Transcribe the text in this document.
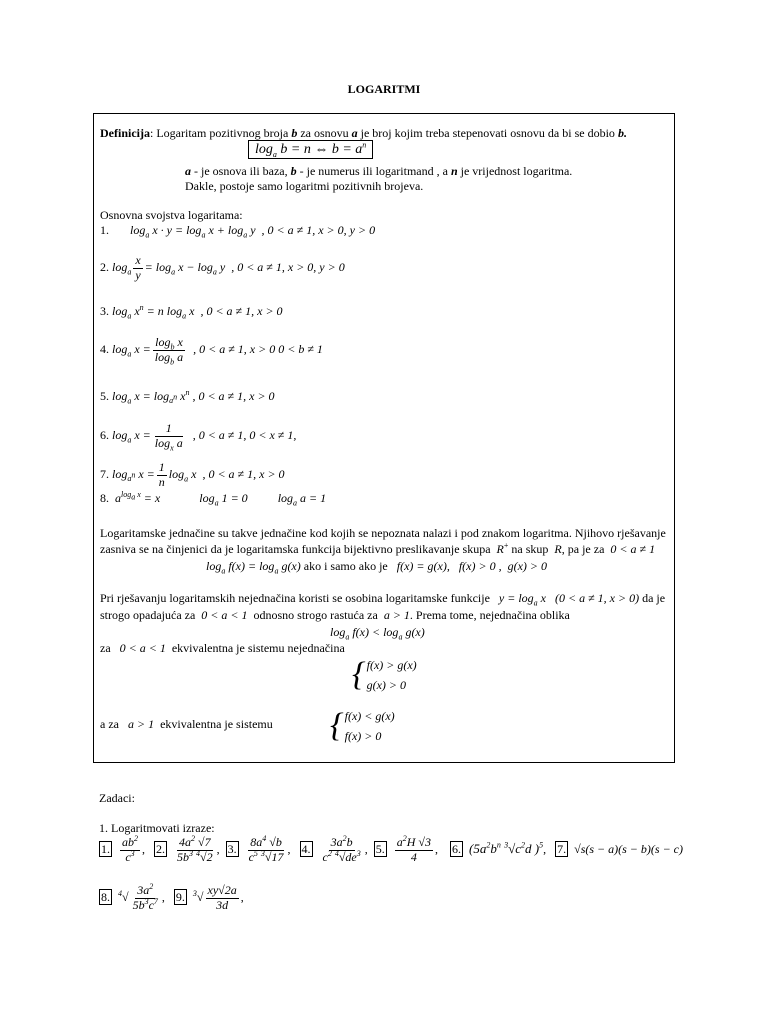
LOGARITMI
Definicija: Logaritam pozitivnog broja b za osnovu a je broj kojim treba stepenovati osnovu da bi se dobio b.
$\log_a b = n$ ⇔ $b = a^n$
a - je osnova ili baza, b - je numerus ili logaritmand , a n je vrijednost logaritma.
Dakle, postoje samo logaritmi pozitivnih brojeva.
Osnovna svojstva logaritama:
1. $\log_a x \cdot y = \log_a x + \log_a y$ , 0 < a ≠ 1, x > 0, y > 0
2. $\log_a \frac{x}{y} = \log_a x - \log_a y$ , 0 < a ≠ 1, x > 0, y > 0
3. $\log_a x^n = n$ $\log_a x$ , 0 < a ≠ 1, x > 0
4. $\log_a x = \frac{\log_b x}{\log_b a}$ , 0 < a ≠ 1, x > 0 0 < b ≠ 1
5. $\log_a x = \log_{a^n} x^n$ , 0 < a ≠ 1, x > 0
6. $\log_a x = \frac{1}{\log_x a}$ , 0 < a ≠ 1, 0 < x ≠ 1,
7. $\log_{a^n} x = \frac{1}{n} \log_a x$ , 0 < a ≠ 1, x > 0
8. $a^{log_a x} = x$	$\log_a 1 = 0$	$\log_a a = 1$
Logaritamske jednačine su takve jednačine kod kojih se nepoznata nalazi i pod znakom logaritma. Njihovo rješavanje
zasniva se na činjenici da je logaritamska funkcija bijektivno preslikavanje skupa R+ na skup R, pa je za 0 < a ≠ 1
$\log_a f(x) = \log_a g(x)$ ako i samo ako je f(x) = g(x),   f(x) > 0 ,  g(x) > 0
Pri rješavanju logaritamskih nejednačina koristi se osobina logaritamske funkcije $y = \log_a x$ (0 < a ≠ 1, x > 0) da je
strogo opadajuća za 0 < a < 1 odnosno strogo rastuća za a > 1. Prema tome, nejednačina oblika
$\log_a f(x) < \log_a g(x)$
za 0 < a < 1 ekvivalentna je sistemu nejednačina
{ f(x) > g(x)
g(x) > 0
a za a > 1 ekvivalentna je sistemu { f(x) < g(x)
f(x) > 0
Zadaci:
1. Logaritmovati izraze:
1. $\frac{ab^2}{c^3}$ ,   2. $\frac{4a^2 √7}{5b^3 ^4√2}$ ,  3. $\frac{8a^4 √b}{c^5 ^3√17}$ ,   4. $\frac{3a^2b}{c^2 ^4√de^3}$ ,  5. $\frac{a^2H √3}{4}$ ,    6. ($5a^2b^n$ $^3√c^2d$ )$^5$,   7. √s(s − a)(s − b)(s − c)
8. $^4√ \frac{3a^2}{5b^3c^7}$ ,   9. $^3√ \frac{xy√2a}{3d}$ ,
